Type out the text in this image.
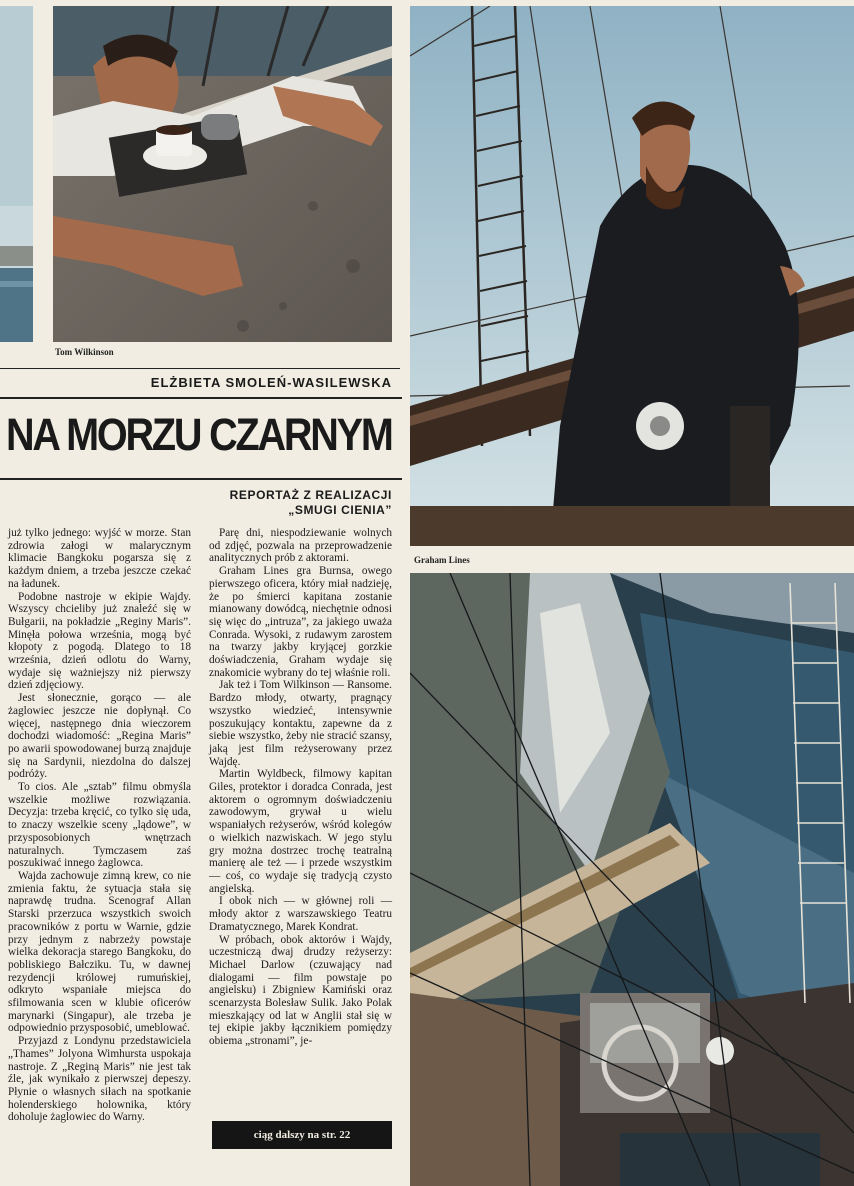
Tom Wilkinson
Graham Lines
ELŻBIETA SMOLEŃ-WASILEWSKA
NA MORZU CZARNYM
REPORTAŻ Z REALIZACJI
„SMUGI CIENIA”

już tylko jednego: wyjść w morze. Stan zdrowia załogi w malarycznym klimacie Bangkoku pogarsza się z każdym dniem, a trzeba jeszcze czekać na ładunek.

Podobne nastroje w ekipie Wajdy. Wszyscy chcieliby już znaleźć się w Bułgarii, na pokładzie „Reginy Maris”. Minęła połowa września, mogą być kłopoty z pogodą. Dlatego to 18 września, dzień odlotu do Warny, wydaje się ważniejszy niż pierwszy dzień zdjęciowy.

Jest słonecznie, gorąco — ale żaglowiec jeszcze nie dopłynął. Co więcej, następnego dnia wieczorem dochodzi wiadomość: „Regina Maris” po awarii spowodowanej burzą znajduje się na Sardynii, niezdolna do dalszej podróży.

To cios. Ale „sztab” filmu obmyśla wszelkie możliwe rozwiązania. Decyzja: trzeba kręcić, co tylko się uda, to znaczy wszelkie sceny „lądowe”, w przysposobionych wnętrzach naturalnych. Tymczasem zaś poszukiwać innego żaglowca.

Wajda zachowuje zimną krew, co nie zmienia faktu, że sytuacja stała się naprawdę trudna. Scenograf Allan Starski przerzuca wszystkich swoich pracowników z portu w Warnie, gdzie przy jednym z nabrzeży powstaje wielka dekoracja starego Bangkoku, do pobliskiego Bałcziku. Tu, w dawnej rezydencji królowej rumuńskiej, odkryto wspaniałe miejsca do sfilmowania scen w klubie oficerów marynarki (Singapur), ale trzeba je odpowiednio przysposobić, umeblować.

Przyjazd z Londynu przedstawiciela „Thames” Jolyona Wimhursta uspokaja nastroje. Z „Reginą Maris” nie jest tak źle, jak wynikało z pierwszej depeszy. Płynie o własnych siłach na spotkanie holenderskiego holownika, który doholuje żaglowiec do Warny.

Parę dni, niespodziewanie wolnych od zdjęć, pozwala na przeprowadzenie analitycznych prób z aktorami.

Graham Lines gra Burnsa, owego pierwszego oficera, który miał nadzieję, że po śmierci kapitana zostanie mianowany dowódcą, niechętnie odnosi się więc do „intruza”, za jakiego uważa Conrada. Wysoki, z rudawym zarostem na twarzy jakby kryjącej gorzkie doświadczenia, Graham wydaje się znakomicie wybrany do tej właśnie roli.

Jak też i Tom Wilkinson — Ransome. Bardzo młody, otwarty, pragnący wszystko wiedzieć, intensywnie poszukujący kontaktu, zapewne da z siebie wszystko, żeby nie stracić szansy, jaką jest film reżyserowany przez Wajdę.

Martin Wyldbeck, filmowy kapitan Giles, protektor i doradca Conrada, jest aktorem o ogromnym doświadczeniu zawodowym, grywał u wielu wspaniałych reżyserów, wśród kolegów o wielkich nazwiskach. W jego stylu gry można dostrzec trochę teatralną manierę ale też — i przede wszystkim — coś, co wydaje się tradycją czysto angielską.

I obok nich — w głównej roli — młody aktor z warszawskiego Teatru Dramatycznego, Marek Kondrat.

W próbach, obok aktorów i Wajdy, uczestniczą dwaj drudzy reżyserzy: Michael Darlow (czuwający nad dialogami — film powstaje po angielsku) i Zbigniew Kamiński oraz scenarzysta Bolesław Sulik. Jako Polak mieszkający od lat w Anglii stał się w tej ekipie jakby łącznikiem pomiędzy obiema „stronami”, je-

ciąg dalszy na str. 22
